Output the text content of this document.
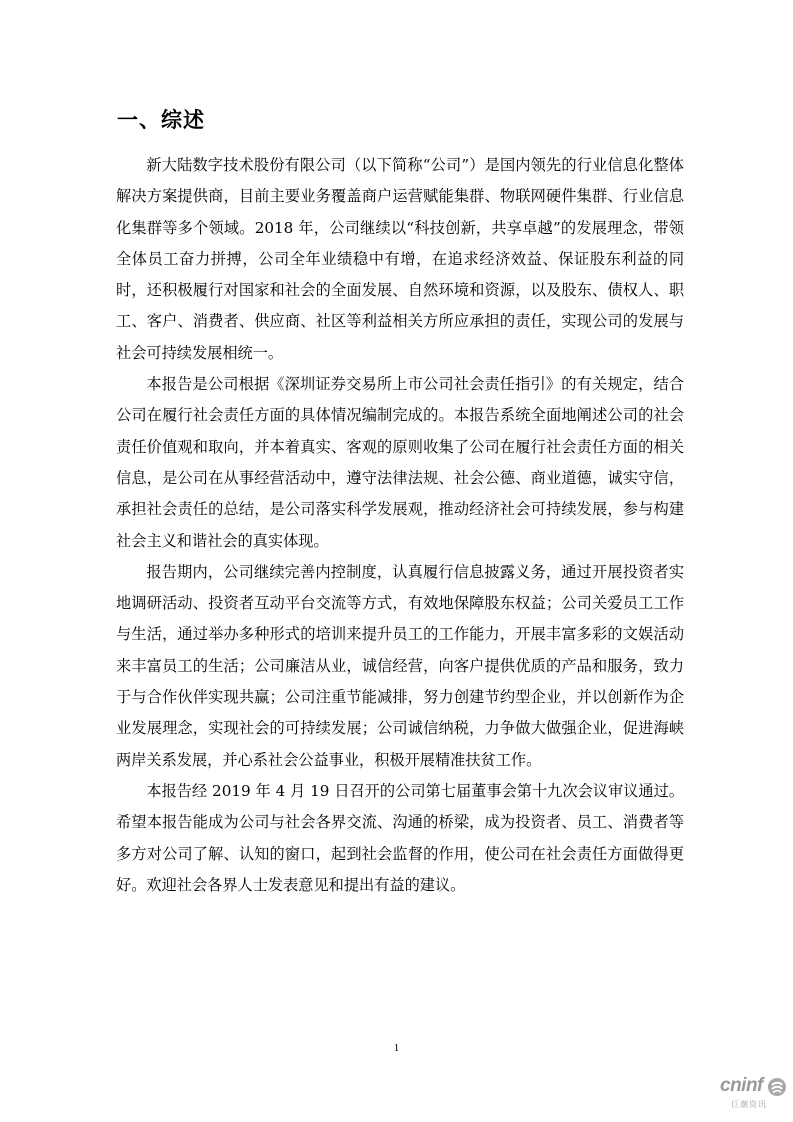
一、综述

新大陆数字技术股份有限公司（以下简称“公司”）是国内领先的行业信息化整体解决方案提供商，目前主要业务覆盖商户运营赋能集群、物联网硬件集群、行业信息化集群等多个领域。2018 年，公司继续以“科技创新，共享卓越”的发展理念，带领全体员工奋力拼搏，公司全年业绩稳中有增，在追求经济效益、保证股东利益的同时，还积极履行对国家和社会的全面发展、自然环境和资源，以及股东、债权人、职工、客户、消费者、供应商、社区等利益相关方所应承担的责任，实现公司的发展与社会可持续发展相统一。

本报告是公司根据《深圳证券交易所上市公司社会责任指引》的有关规定，结合公司在履行社会责任方面的具体情况编制完成的。本报告系统全面地阐述公司的社会责任价值观和取向，并本着真实、客观的原则收集了公司在履行社会责任方面的相关信息，是公司在从事经营活动中，遵守法律法规、社会公德、商业道德，诚实守信，承担社会责任的总结，是公司落实科学发展观，推动经济社会可持续发展，参与构建社会主义和谐社会的真实体现。

报告期内，公司继续完善内控制度，认真履行信息披露义务，通过开展投资者实地调研活动、投资者互动平台交流等方式，有效地保障股东权益；公司关爱员工工作与生活，通过举办多种形式的培训来提升员工的工作能力，开展丰富多彩的文娱活动来丰富员工的生活；公司廉洁从业，诚信经营，向客户提供优质的产品和服务，致力于与合作伙伴实现共赢；公司注重节能减排，努力创建节约型企业，并以创新作为企业发展理念，实现社会的可持续发展；公司诚信纳税，力争做大做强企业，促进海峡两岸关系发展，并心系社会公益事业，积极开展精准扶贫工作。

本报告经 2019 年 4 月 19 日召开的公司第七届董事会第十九次会议审议通过。希望本报告能成为公司与社会各界交流、沟通的桥梁，成为投资者、员工、消费者等多方对公司了解、认知的窗口，起到社会监督的作用，使公司在社会责任方面做得更好。欢迎社会各界人士发表意见和提出有益的建议。

1
cninf
巨潮资讯
